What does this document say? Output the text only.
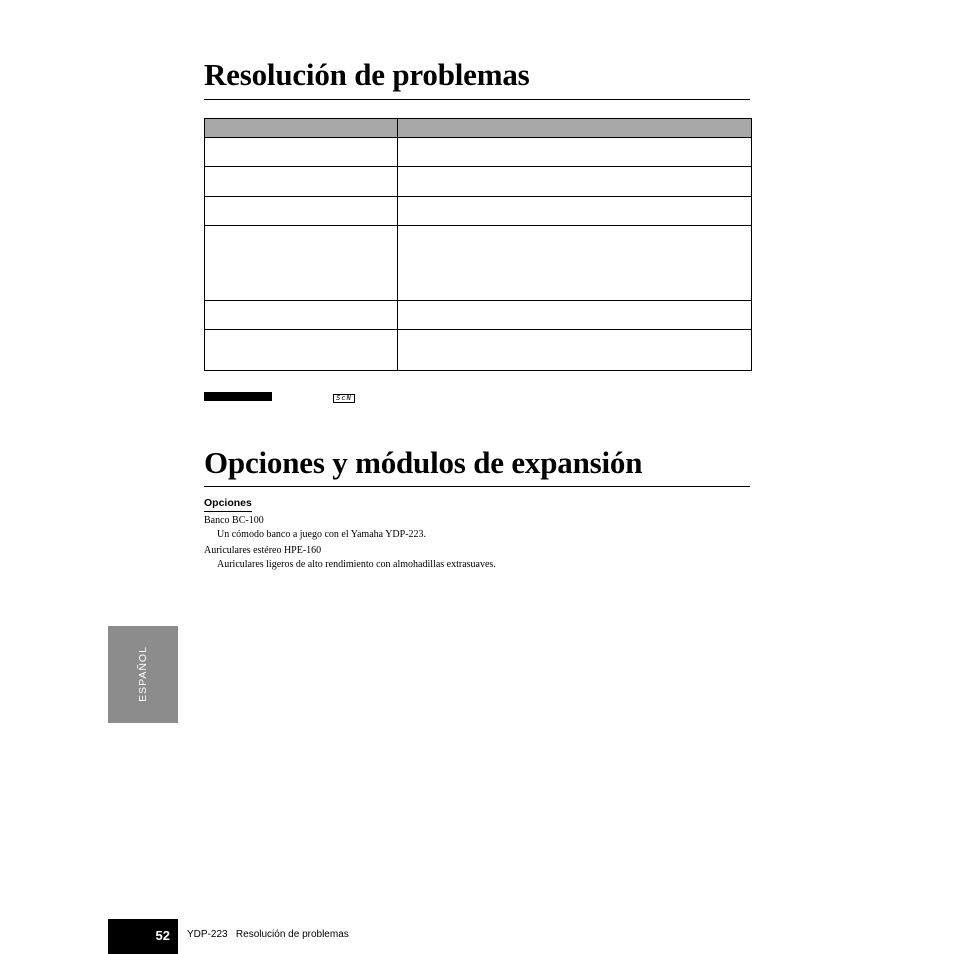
Resolución de problemas

ScN
Opciones y módulos de expansión
Opciones
Banco BC-100
Un cómodo banco a juego con el Yamaha YDP-223.
Auriculares estéreo HPE-160
Auriculares ligeros de alto rendimiento con almohadillas extrasuaves.
ESPAÑOL
52 YDP-223   Resolución de problemas
